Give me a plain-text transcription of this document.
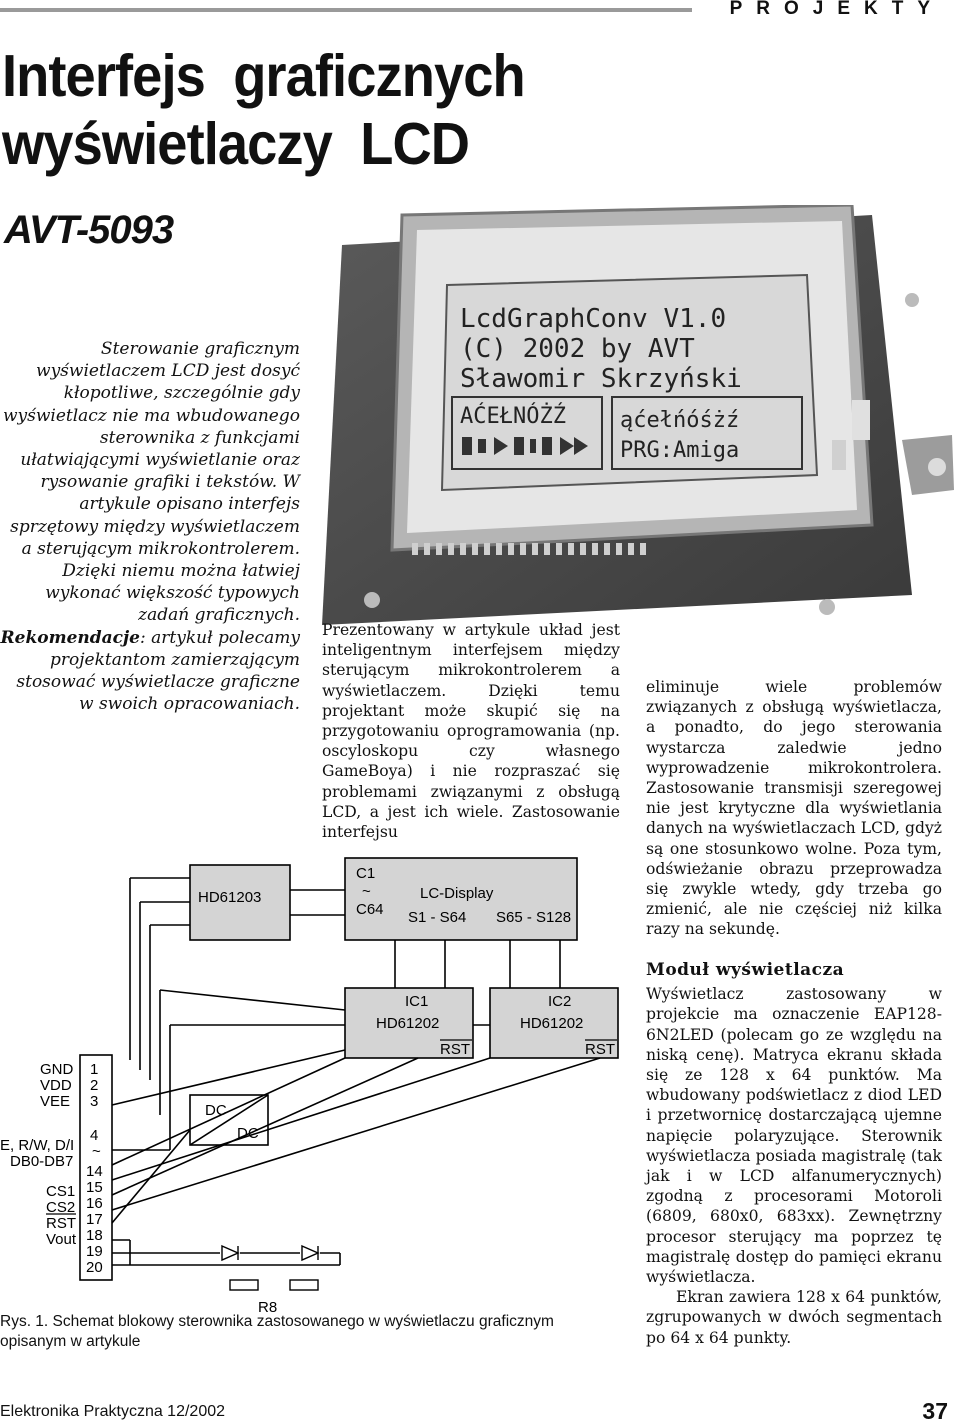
PROJEKTY
Interfejs  graficznych
wyświetlaczy  LCD
AVT-5093

Sterowanie graficznym wyświetlaczem LCD jest dosyć kłopotliwe, szczególnie gdy wyświetlacz nie ma wbudowanego sterownika z funkcjami ułatwiającymi wyświetlanie oraz rysowanie grafiki i tekstów. W artykule opisano interfejs sprzętowy między wyświetlaczem a sterującym mikrokontrolerem. Dzięki niemu można łatwiej wykonać większość typowych zadań graficznych. Rekomendacje: artykuł polecamy projektantom zamierzającym stosować wyświetlacze graficzne w swoich opracowaniach.

LcdGraphConv V1.0
(C) 2002 by AVT
Sławomir Skrzyński
AĆEŁNÓŻŹ ąćełńóśżź
PRG:Amiga
Prezentowany w artykule układ jest inteligentnym interfejsem między sterującym mikrokontrolerem a wyświetlaczem. Dzięki temu projektant może skupić się na przygotowaniu oprogramowania (np. oscyloskopu czy własnego GameBoya) i nie rozpraszać się problemami związanymi z obsługą LCD, a jest ich wiele. Zastosowanie interfejsu
eliminuje wiele problemów związanych z obsługą wyświetlacza, a ponadto, do jego sterowania wystarcza zaledwie jedno wyprowadzenie mikrokontrolera. Zastosowanie transmisji szeregowej nie jest krytyczne dla wyświetlania danych na wyświetlaczach LCD, gdyż są one stosunkowo wolne. Poza tym, odświeżanie obrazu przeprowadza się zwykle wtedy, gdy trzeba go zmienić, ale nie częściej niż kilka razy na sekundę.
Moduł wyświetlacza

Wyświetlacz zastosowany w projekcie ma oznaczenie EAP128-6N2LED (polecam go ze względu na niską cenę). Matryca ekranu składa się ze 128 x 64 punktów. Ma wbudowany podświetlacz z diod LED i przetwornicę dostarczającą ujemne napięcie polaryzujące. Sterownik wyświetlacza posiada magistralę (tak jak i w LCD alfanumerycznych) zgodną z procesorami Motoroli (6809, 680x0, 683xx). Zewnętrzny procesor sterujący ma poprzez tę magistralę dostęp do pamięci ekranu wyświetlacza.

Ekran zawiera 128 x 64 punktów, zgrupowanych w dwóch segmentach po 64 x 64 punkty.

HD61203
C1
~
C64
LC-Display
S1 - S64 S65 - S128
IC1
HD61202
RST
IC2
HD61202
RST
DC
DC
R8
GND
VDD
VEE
E, R/W, D/I
DB0-DB7
CS1
CS2
RST
Vout
1
2
3
4
~
14
15
16
17
18
19
20
Rys. 1. Schemat blokowy sterownika zastosowanego w wyświetlaczu graficznym opisanym w artykule
Elektronika Praktyczna 12/2002	37
